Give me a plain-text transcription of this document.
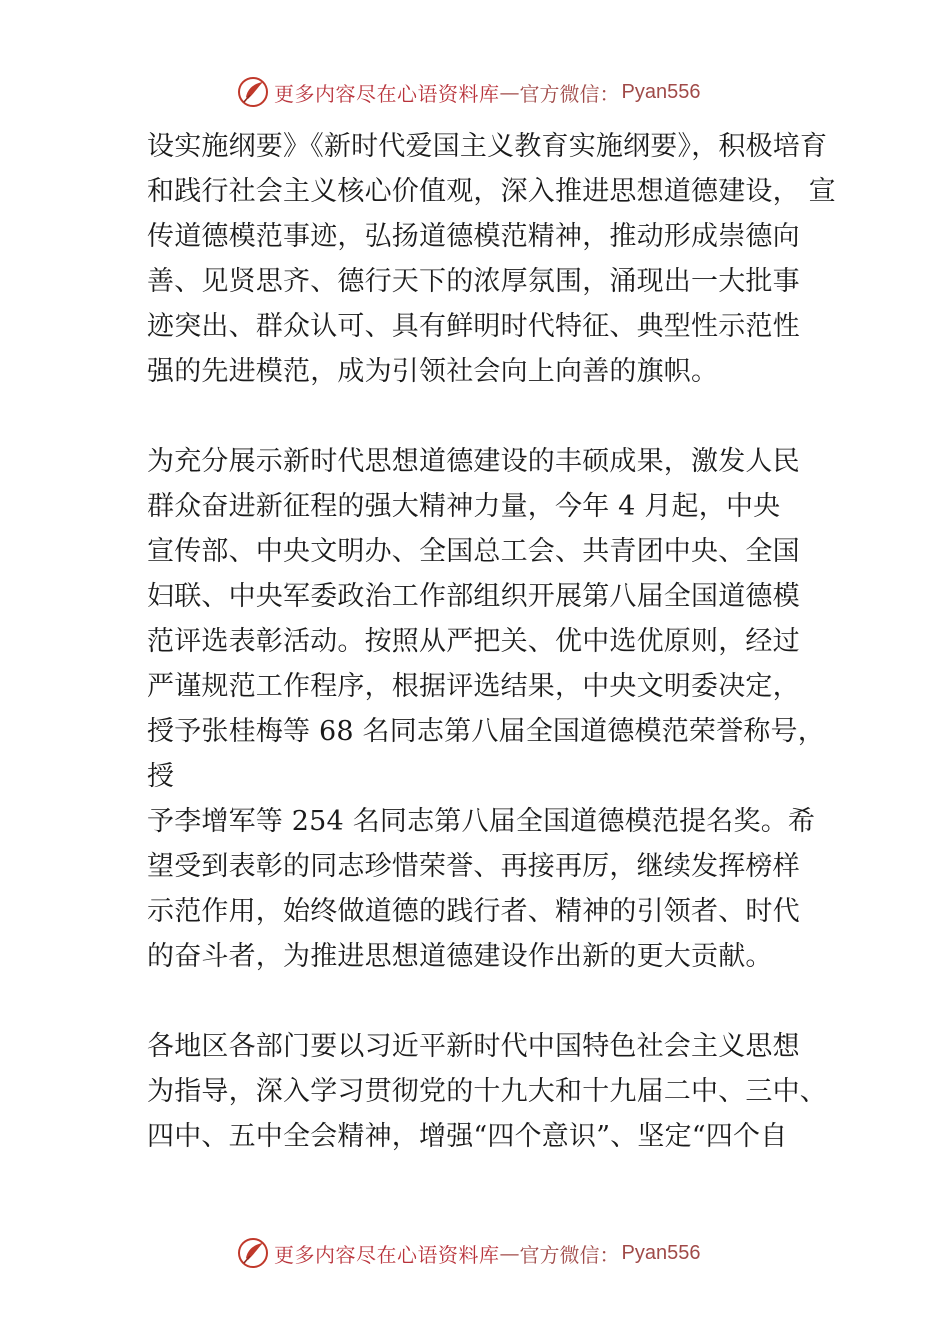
更多内容尽在心语资料库 — 官方微信： Pyan556
设实施纲要》《新时代爱国主义教育实施纲要》，积极培育
和践行社会主义核心价值观，深入推进思想道德建设， 宣
传道德模范事迹，弘扬道德模范精神，推动形成崇德向
善、见贤思齐、德行天下的浓厚氛围，涌现出一大批事
迹突出、群众认可、具有鲜明时代特征、典型性示范性
强的先进模范，成为引领社会向上向善的旗帜。
为充分展示新时代思想道德建设的丰硕成果，激发人民
群众奋进新征程的强大精神力量，今年 4 月起，中央
宣传部、中央文明办、全国总工会、共青团中央、全国
妇联、中央军委政治工作部组织开展第八届全国道德模
范评选表彰活动。按照从严把关、优中选优原则，经过
严谨规范工作程序，根据评选结果，中央文明委决定，
授予张桂梅等 68 名同志第八届全国道德模范荣誉称号，
授
予李增军等 254 名同志第八届全国道德模范提名奖。希
望受到表彰的同志珍惜荣誉、再接再厉，继续发挥榜样
示范作用，始终做道德的践行者、精神的引领者、时代
的奋斗者，为推进思想道德建设作出新的更大贡献。
各地区各部门要以习近平新时代中国特色社会主义思想
为指导，深入学习贯彻党的十九大和十九届二中、三中、
四中、五中全会精神，增强“四个意识”、坚定“四个自
更多内容尽在心语资料库 — 官方微信： Pyan556
